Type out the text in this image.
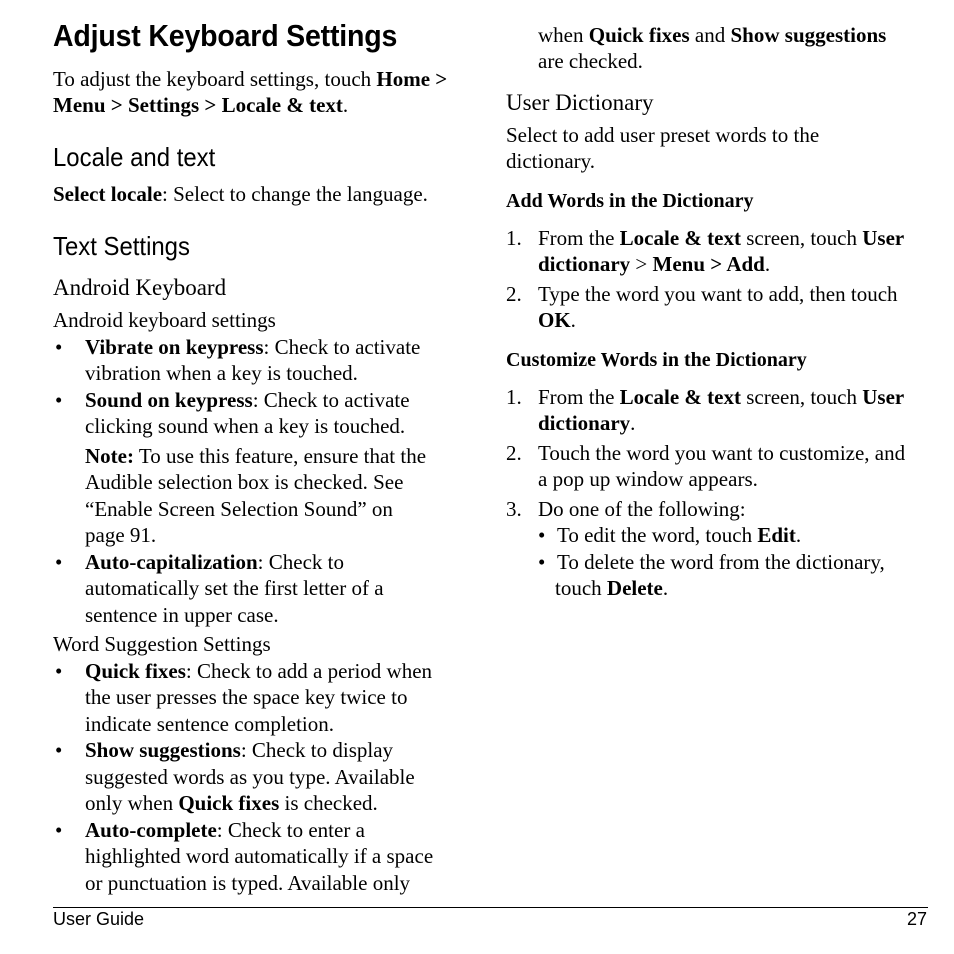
Adjust Keyboard Settings
To adjust the keyboard settings, touch Home >
Menu > Settings > Locale & text.
Locale and text
Select locale: Select to change the language.
Text Settings
Android Keyboard
Android keyboard settings
• Vibrate on keypress: Check to activate
vibration when a key is touched.
• Sound on keypress: Check to activate
clicking sound when a key is touched.
Note: To use this feature, ensure that the
Audible selection box is checked. See
“Enable Screen Selection Sound” on
page 91.
• Auto-capitalization: Check to
automatically set the first letter of a
sentence in upper case.
Word Suggestion Settings
• Quick fixes: Check to add a period when
the user presses the space key twice to
indicate sentence completion.
• Show suggestions: Check to display
suggested words as you type. Available
only when Quick fixes is checked.
• Auto-complete: Check to enter a
highlighted word automatically if a space
or punctuation is typed. Available only
when Quick fixes and Show suggestions
are checked.
User Dictionary
Select to add user preset words to the
dictionary.
Add Words in the Dictionary
1. From the Locale & text screen, touch User
dictionary > Menu > Add.
2. Type the word you want to add, then touch
OK.
Customize Words in the Dictionary
1. From the Locale & text screen, touch User
dictionary.
2. Touch the word you want to customize, and
a pop up window appears.
3. Do one of the following:
• To edit the word, touch Edit.
• To delete the word from the dictionary,
touch Delete.
User Guide	27
